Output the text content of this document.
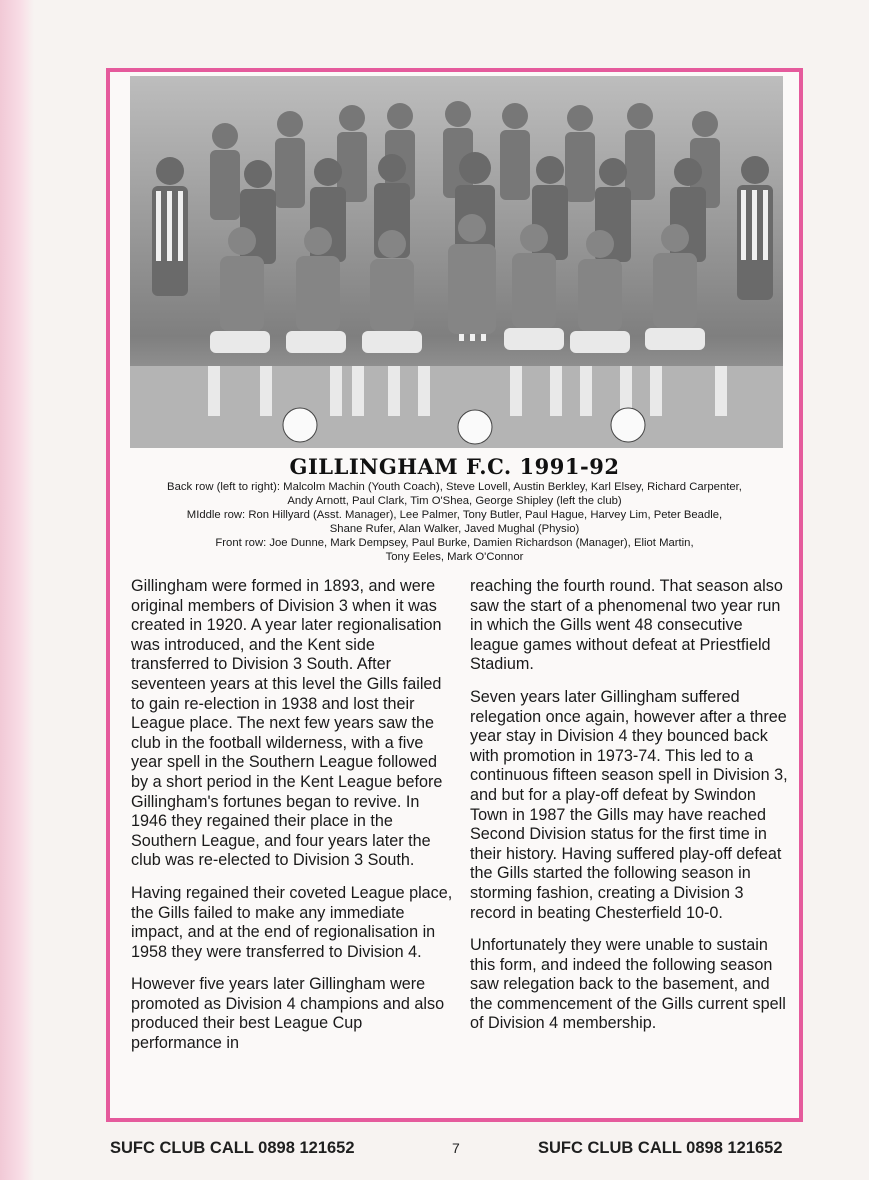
GILLINGHAM F.C. 1991-92

Back row (left to right): Malcolm Machin (Youth Coach), Steve Lovell, Austin Berkley, Karl Elsey, Richard Carpenter,

Andy Arnott, Paul Clark, Tim O'Shea, George Shipley (left the club)

MIddle row: Ron Hillyard (Asst. Manager), Lee Palmer, Tony Butler, Paul Hague, Harvey Lim, Peter Beadle,

Shane Rufer, Alan Walker, Javed Mughal (Physio)

Front row: Joe Dunne, Mark Dempsey, Paul Burke, Damien Richardson (Manager), Eliot Martin,

Tony Eeles, Mark O'Connor

Gillingham were formed in 1893, and were original members of Division 3 when it was created in 1920. A year later regionalisation was introduced, and the Kent side transferred to Division 3 South. After seventeen years at this level the Gills failed to gain re-election in 1938 and lost their League place. The next few years saw the club in the football wilderness, with a five year spell in the Southern League followed by a short period in the Kent League before Gillingham's fortunes began to revive. In 1946 they regained their place in the Southern League, and four years later the club was re-elected to Division 3 South.

Having regained their coveted League place, the Gills failed to make any immediate impact, and at the end of regionalisation in 1958 they were transferred to Division 4.

However five years later Gillingham were promoted as Division 4 champions and also produced their best League Cup performance in

reaching the fourth round. That season also saw the start of a phenomenal two year run in which the Gills went 48 consecutive league games without defeat at Priestfield Stadium.

Seven years later Gillingham suffered relegation once again, however after a three year stay in Division 4 they bounced back with promotion in 1973-74. This led to a continuous fifteen season spell in Division 3, and but for a play-off defeat by Swindon Town in 1987 the Gills may have reached Second Division status for the first time in their history. Having suffered play-off defeat the Gills started the following season in storming fashion, creating a Division 3 record in beating Chesterfield 10-0.

Unfortunately they were unable to sustain this form, and indeed the following season saw relegation back to the basement, and the commencement of the Gills current spell of Division 4 membership.

SUFC CLUB CALL 0898 121652	7	SUFC CLUB CALL 0898 121652
